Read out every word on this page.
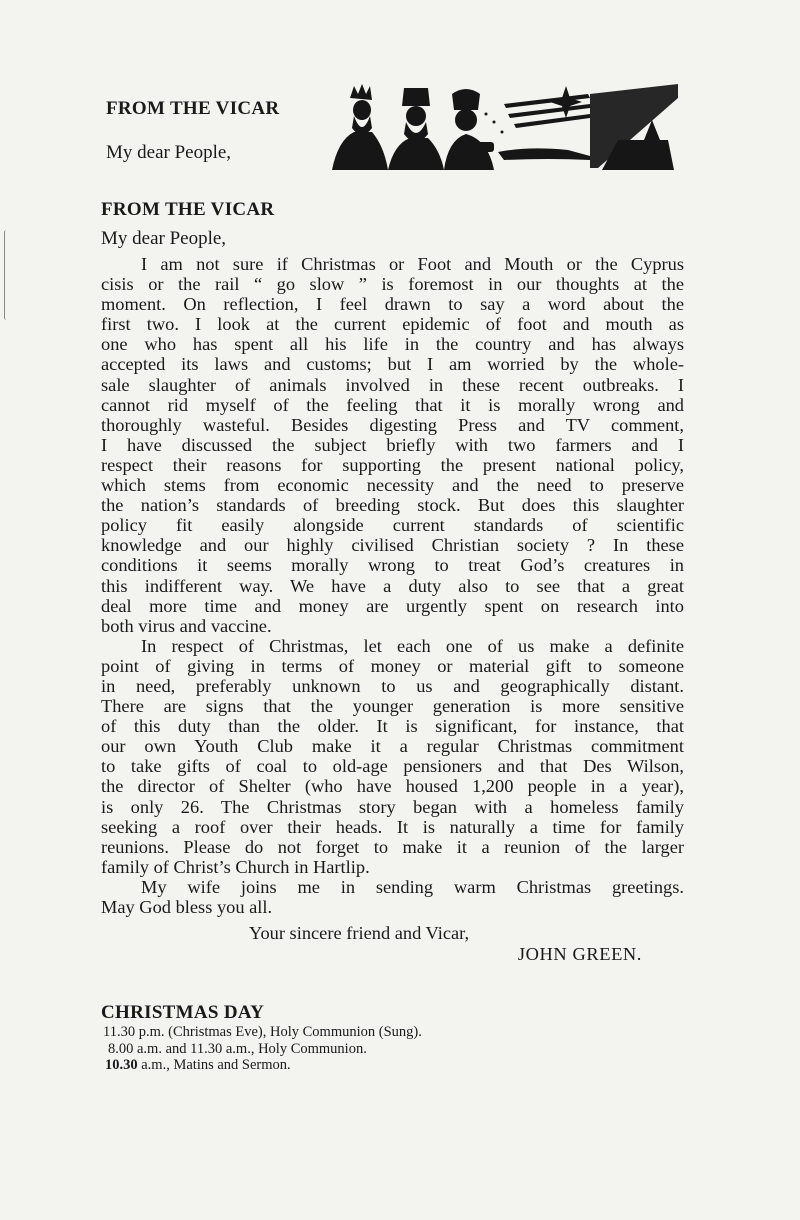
FROM THE VICAR
My dear People,
FROM THE VICAR
My dear People,
I am not sure if Christmas or Foot and Mouth or the Cyprus
cisis or the rail “ go slow ” is foremost in our thoughts at the
moment. On reflection, I feel drawn to say a word about the
first two. I look at the current epidemic of foot and mouth as
one who has spent all his life in the country and has always
accepted its laws and customs; but I am worried by the whole-
sale slaughter of animals involved in these recent outbreaks. I
cannot rid myself of the feeling that it is morally wrong and
thoroughly wasteful. Besides digesting Press and TV comment,
I have discussed the subject briefly with two farmers and I
respect their reasons for supporting the present national policy,
which stems from economic necessity and the need to preserve
the nation’s standards of breeding stock. But does this slaughter
policy fit easily alongside current standards of scientific
knowledge and our highly civilised Christian society ? In these
conditions it seems morally wrong to treat God’s creatures in
this indifferent way. We have a duty also to see that a great
deal more time and money are urgently spent on research into
both virus and vaccine.
In respect of Christmas, let each one of us make a definite
point of giving in terms of money or material gift to someone
in need, preferably unknown to us and geographically distant.
There are signs that the younger generation is more sensitive
of this duty than the older. It is significant, for instance, that
our own Youth Club make it a regular Christmas commitment
to take gifts of coal to old-age pensioners and that Des Wilson,
the director of Shelter (who have housed 1,200 people in a year),
is only 26. The Christmas story began with a homeless family
seeking a roof over their heads. It is naturally a time for family
reunions. Please do not forget to make it a reunion of the larger
family of Christ’s Church in Hartlip.
My wife joins me in sending warm Christmas greetings.
May God bless you all.
Your sincere friend and Vicar,
JOHN GREEN.
CHRISTMAS DAY
11.30 p.m. (Christmas Eve), Holy Communion (Sung).
8.00 a.m. and 11.30 a.m., Holy Communion.
10.30 a.m., Matins and Sermon.
